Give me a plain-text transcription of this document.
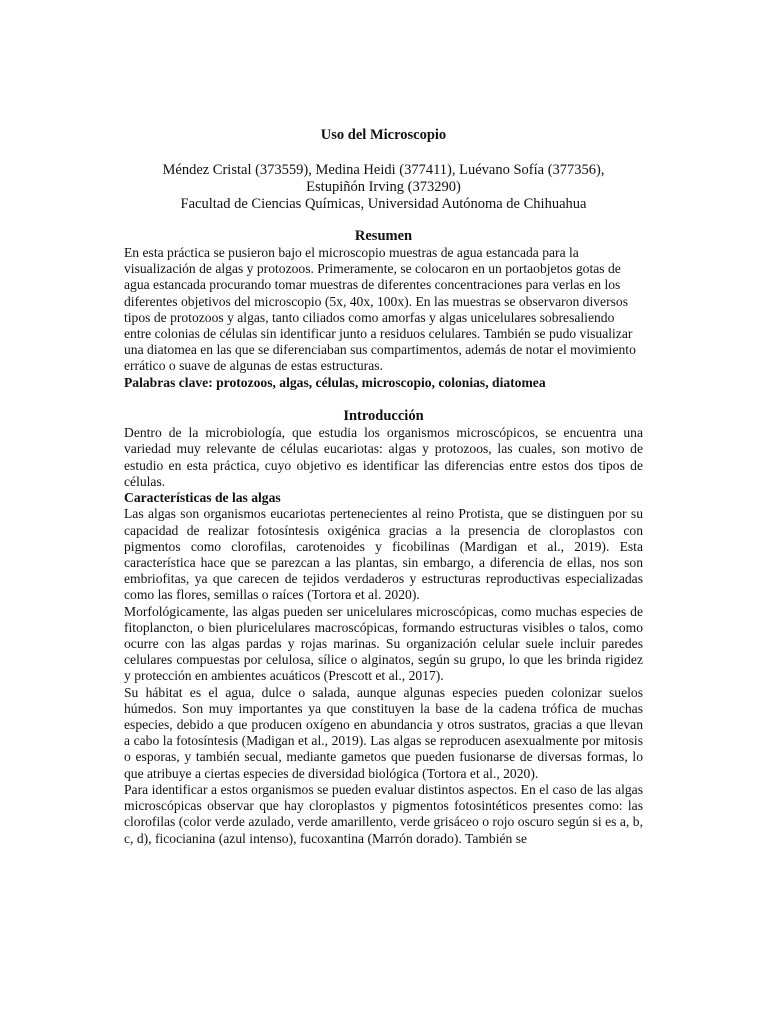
Uso del Microscopio

Méndez Cristal (373559), Medina Heidi (377411), Luévano Sofía (377356),

Estupiñón Irving (373290)

Facultad de Ciencias Químicas, Universidad Autónoma de Chihuahua

Resumen

En esta práctica se pusieron bajo el microscopio muestras de agua estancada para la visualización de algas y protozoos. Primeramente, se colocaron en un portaobjetos gotas de agua estancada procurando tomar muestras de diferentes concentraciones para verlas en los diferentes objetivos del microscopio (5x, 40x, 100x). En las muestras se observaron diversos tipos de protozoos y algas, tanto ciliados como amorfas y algas unicelulares sobresaliendo entre colonias de células sin identificar junto a residuos celulares. También se pudo visualizar una diatomea en las que se diferenciaban sus compartimentos, además de notar el movimiento errático o suave de algunas de estas estructuras.

Palabras clave: protozoos, algas, células, microscopio, colonias, diatomea

Introducción

Dentro de la microbiología, que estudia los organismos microscópicos, se encuentra una variedad muy relevante de células eucariotas: algas y protozoos, las cuales, son motivo de estudio en esta práctica, cuyo objetivo es identificar las diferencias entre estos dos tipos de células.

Características de las algas

Las algas son organismos eucariotas pertenecientes al reino Protista, que se distinguen por su capacidad de realizar fotosíntesis oxigénica gracias a la presencia de cloroplastos con pigmentos como clorofilas, carotenoides y ficobilinas (Mardigan et al., 2019). Esta característica hace que se parezcan a las plantas, sin embargo, a diferencia de ellas, nos son embriofitas, ya que carecen de tejidos verdaderos y estructuras reproductivas especializadas como las flores, semillas o raíces (Tortora et al. 2020).

Morfológicamente, las algas pueden ser unicelulares microscópicas, como muchas especies de fitoplancton, o bien pluricelulares macroscópicas, formando estructuras visibles o talos, como ocurre con las algas pardas y rojas marinas. Su organización celular suele incluir paredes celulares compuestas por celulosa, sílice o alginatos, según su grupo, lo que les brinda rigidez y protección en ambientes acuáticos (Prescott et al., 2017).

Su hábitat es el agua, dulce o salada, aunque algunas especies pueden colonizar suelos húmedos. Son muy importantes ya que constituyen la base de la cadena trófica de muchas especies, debido a que producen oxígeno en abundancia y otros sustratos, gracias a que llevan a cabo la fotosíntesis (Madigan et al., 2019). Las algas se reproducen asexualmente por mitosis o esporas, y también secual, mediante gametos que pueden fusionarse de diversas formas, lo que atribuye a ciertas especies de diversidad biológica (Tortora et al., 2020).

Para identificar a estos organismos se pueden evaluar distintos aspectos. En el caso de las algas microscópicas observar que hay cloroplastos y pigmentos fotosintéticos presentes como: las clorofilas (color verde azulado, verde amarillento, verde grisáceo o rojo oscuro según si es a, b, c, d), ficocianina (azul intenso), fucoxantina (Marrón dorado). También se
